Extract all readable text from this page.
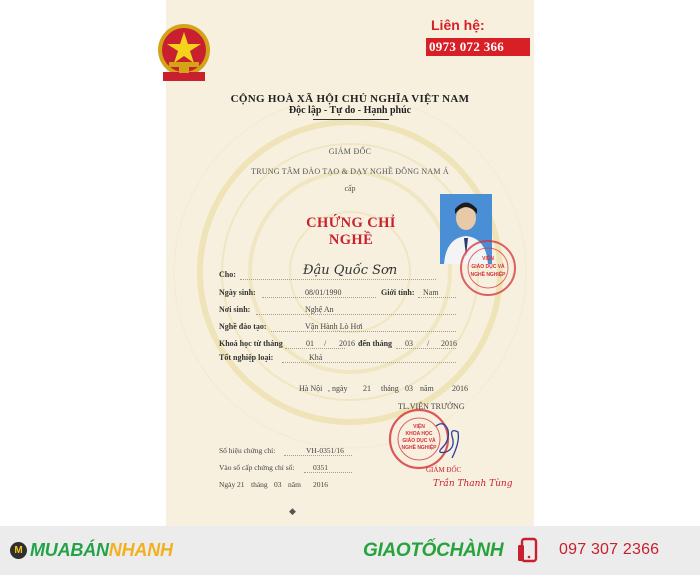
Liên hệ:
0973 072 366
CỘNG HOÀ XÃ HỘI CHỦ NGHĨA VIỆT NAM
Độc lập - Tự do - Hạnh phúc
GIÁM ĐỐC
TRUNG TÂM ĐÀO TẠO & DẠY NGHỀ ĐÔNG NAM Á
cấp
CHỨNG CHỈ NGHỀ
VIỆN
GIÁO DỤC VÀ
NGHỀ NGHIỆP
Cho:	Đậu Quốc Sơn
Ngày sinh:	08/01/1990	Giới tính: Nam
Nơi sinh:	Nghệ An
Nghề đào tạo:	Vận Hành Lò Hơi
Khoá học từ tháng	01 / 2016 đến tháng 03 / 2016
Tốt nghiệp loại:	Khá
Hà Nội , ngày 21 tháng 03 năm 2016
TL.VIỆN TRƯỞNG
VIỆN
KHOA HỌC
GIÁO DỤC VÀ
NGHỀ NGHIỆP
GIÁM ĐỐC
Trần Thanh Tùng
Số hiệu chứng chỉ:	VH-0351/16
Vào sổ cấp chứng chỉ số: 0351
Ngày 21 tháng 03 năm 2016
◆
M MUABÁNNHANH	GIAOTỐCHÀNH	097 307 2366
